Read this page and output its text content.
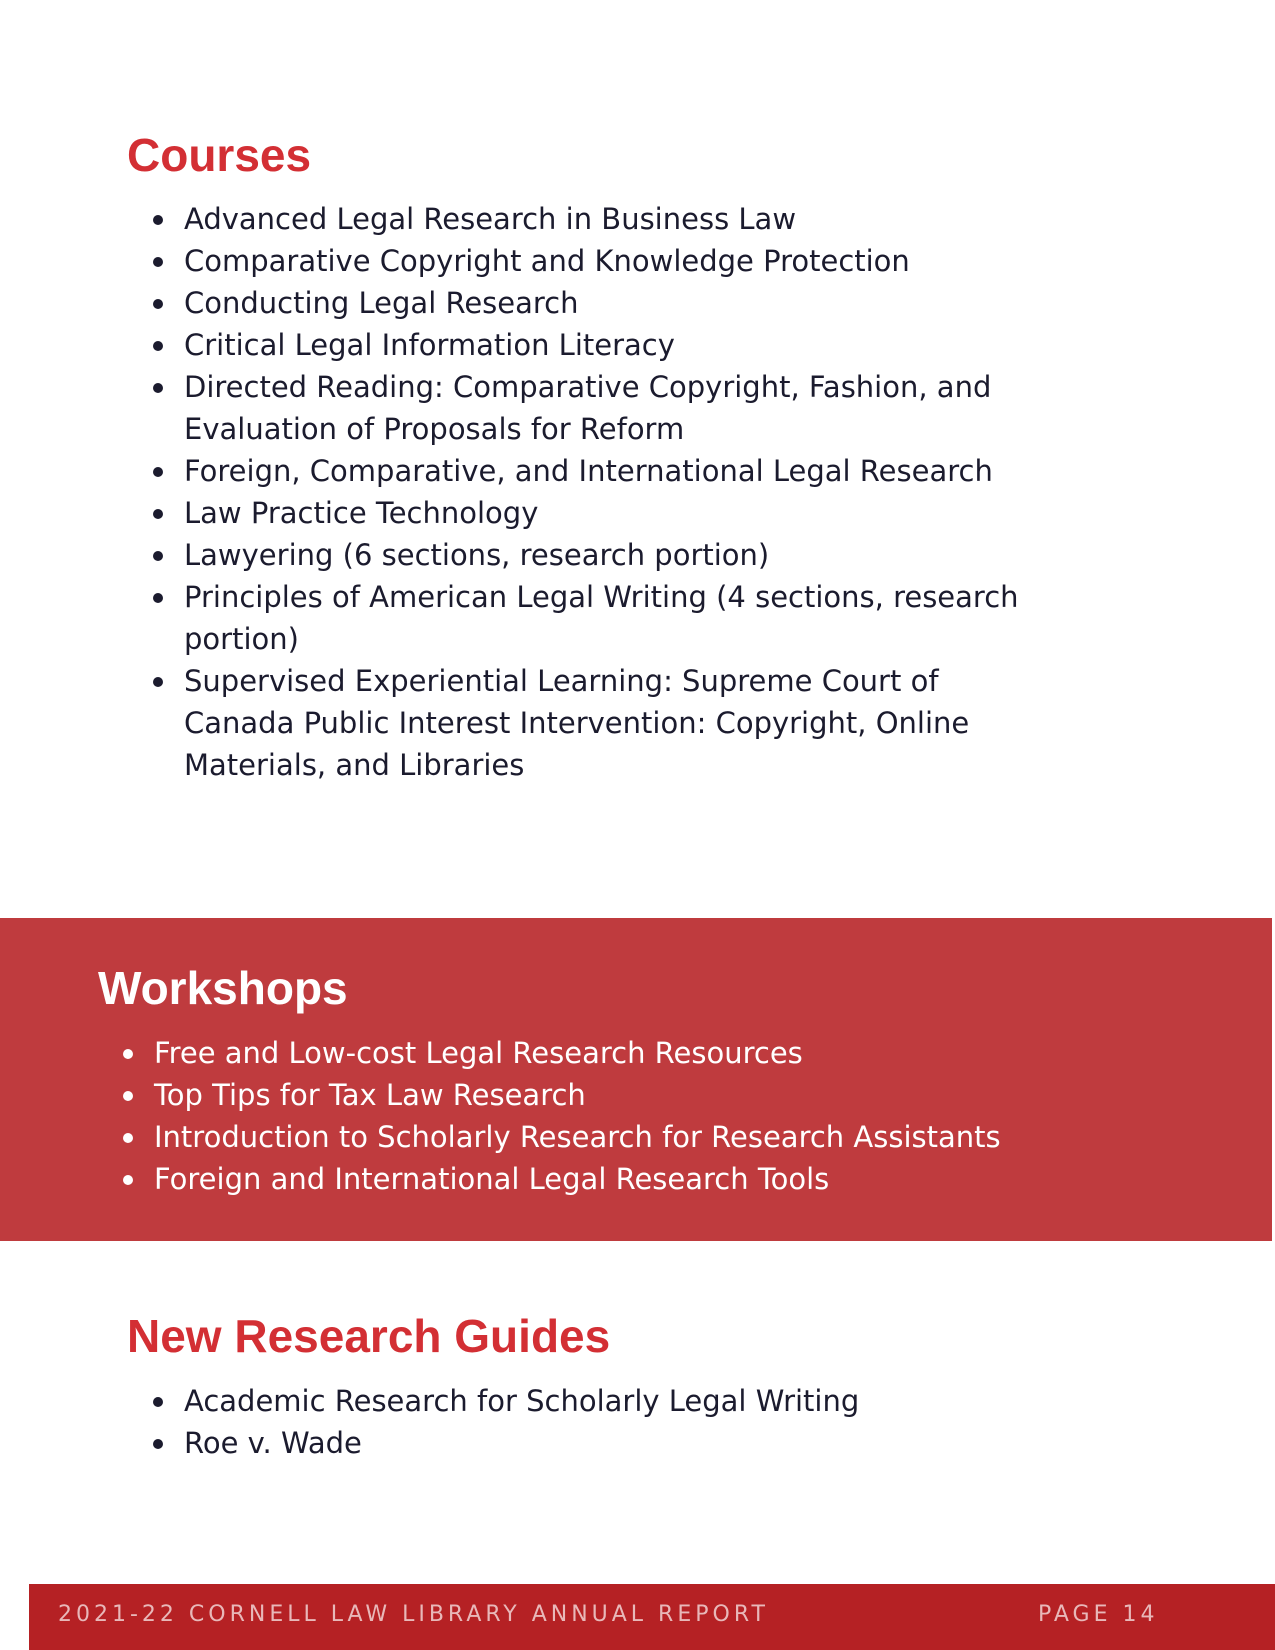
Courses
Advanced Legal Research in Business Law
Comparative Copyright and Knowledge Protection
Conducting Legal Research
Critical Legal Information Literacy
Directed Reading: Comparative Copyright, Fashion, and Evaluation of Proposals for Reform
Foreign, Comparative, and International Legal Research
Law Practice Technology
Lawyering (6 sections, research portion)
Principles of American Legal Writing (4 sections, research portion)
Supervised Experiential Learning: Supreme Court of Canada Public Interest Intervention: Copyright, Online Materials, and Libraries
Workshops
Free and Low-cost Legal Research Resources
Top Tips for Tax Law Research
Introduction to Scholarly Research for Research Assistants
Foreign and International Legal Research Tools
New Research Guides
Academic Research for Scholarly Legal Writing
Roe v. Wade

2021-22 CORNELL LAW LIBRARY ANNUAL REPORT	PAGE 14
